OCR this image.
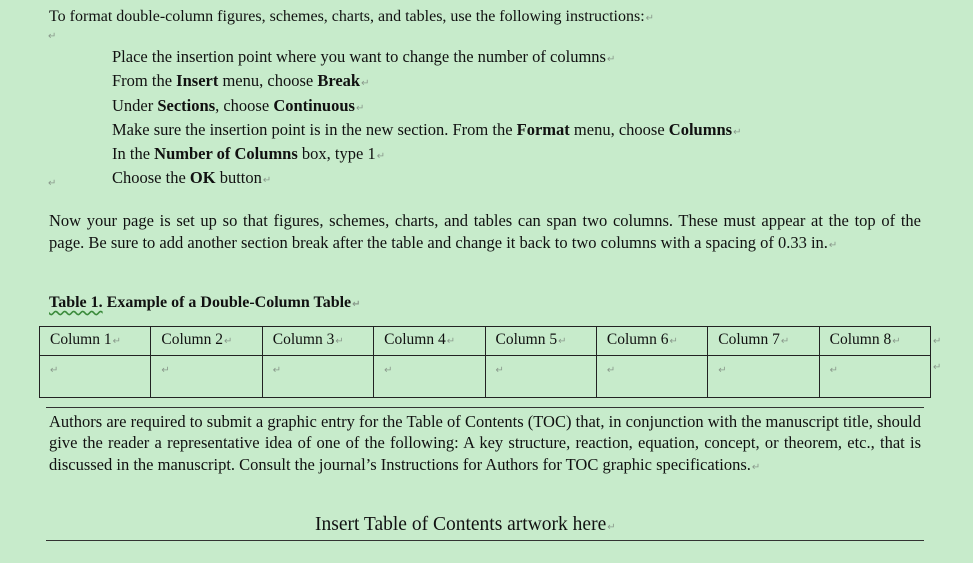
To format double-column figures, schemes, charts, and tables, use the following instructions:↵
↵
Place the insertion point where you want to change the number of columns↵
From the Insert menu, choose Break↵
Under Sections, choose Continuous↵
Make sure the insertion point is in the new section. From the Format menu, choose Columns↵
In the Number of Columns box, type 1↵
Choose the OK button↵
↵
Now your page is set up so that figures, schemes, charts, and tables can span two columns. These must appear at the top of the page. Be sure to add another section break after the table and change it back to two columns with a spacing of 0.33 in.↵
Table 1. Example of a Double-Column Table↵
Column 1↵	Column 2↵	Column 3↵	Column 4↵	Column 5↵	Column 6↵	Column 7↵	Column 8↵
↵	↵	↵	↵	↵	↵	↵	↵
↵
↵
Authors are required to submit a graphic entry for the Table of Contents (TOC) that, in conjunction with the manuscript title, should give the reader a representative idea of one of the following: A key structure, reaction, equation, concept, or theorem, etc., that is discussed in the manuscript. Consult the journal’s Instructions for Authors for TOC graphic specifications.↵
Insert Table of Contents artwork here↵
